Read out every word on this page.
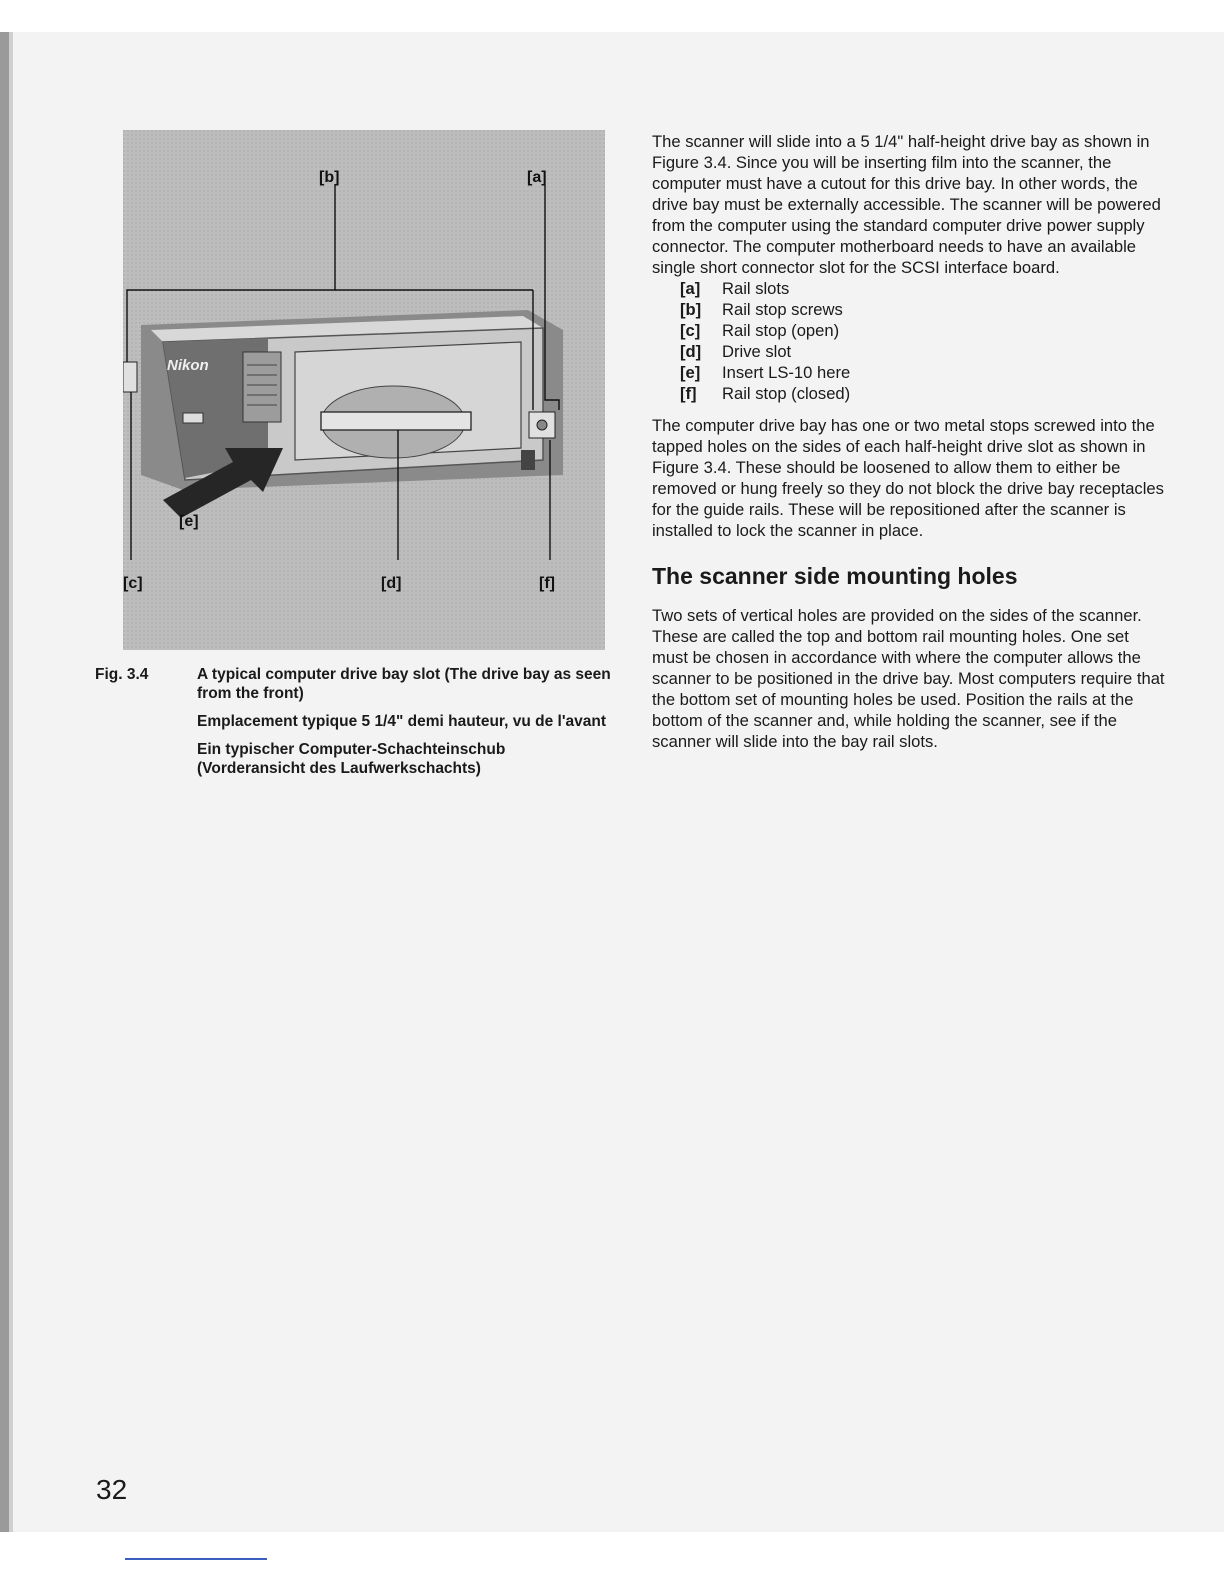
Nikon
[b]	[a]
[e]
[c]	[d]	[f]
Fig. 3.4	A typical computer drive bay slot (The drive bay as seen from the front)
Emplacement typique 5 1/4" demi hauteur, vu de l'avant
Ein typischer Computer-Schachteinschub (Vorderansicht des Laufwerkschachts)

The scanner will slide into a 5 1/4" half-height drive bay as shown in Figure 3.4. Since you will be inserting film into the scanner, the computer must have a cutout for this drive bay. In other words, the drive bay must be externally accessible. The scanner will be powered from the computer using the standard computer drive power supply connector. The computer motherboard needs to have an available single short connector slot for the SCSI interface board.

[a]	Rail slots
[b]	Rail stop screws
[c]	Rail stop (open)
[d]	Drive slot
[e]	Insert LS-10 here
[f]	Rail stop (closed)

The computer drive bay has one or two metal stops screwed into the tapped holes on the sides of each half-height drive slot as shown in Figure 3.4. These should be loosened to allow them to either be removed or hung freely so they do not block the drive bay receptacles for the guide rails. These will be repositioned after the scanner is installed to lock the scanner in place.

The scanner side mounting holes

Two sets of vertical holes are provided on the sides of the scanner. These are called the top and bottom rail mounting holes. One set must be chosen in accordance with where the computer allows the scanner to be positioned in the drive bay. Most computers require that the bottom set of mounting holes be used. Position the rails at the bottom of the scanner and, while holding the scanner, see if the scanner will slide into the bay rail slots.

32
